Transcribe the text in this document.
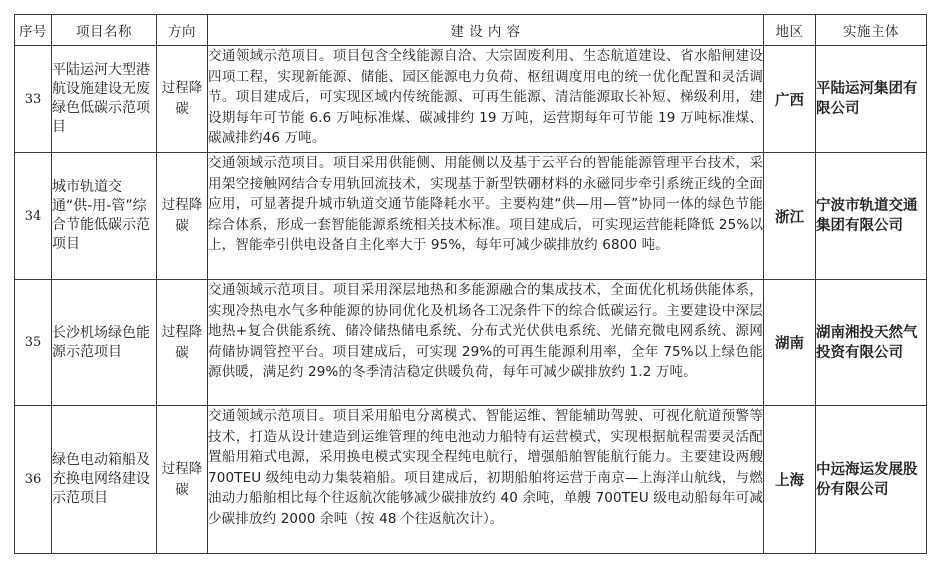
序号	项目名称	方向	建 设 内 容	地区	实施主体
33	平陆运河大型港航设施建设无废绿色低碳示范项目	过程降碳	交通领域示范项目。项目包含全线能源自洽、大宗固废利用、生态航道建设、省水船闸建设四项工程，实现新能源、储能、园区能源电力负荷、枢纽调度用电的统一优化配置和灵活调节。项目建成后，可实现区域内传统能源、可再生能源、清洁能源取长补短、梯级利用，建设期每年可节能 6.6 万吨标准煤、碳减排约 19 万吨，运营期每年可节能 19 万吨标准煤、碳减排约46 万吨。	广西	平陆运河集团有限公司
34	城市轨道交通“供-用-管”综合节能低碳示范项目	过程降碳	交通领域示范项目。项目采用供能侧、用能侧以及基于云平台的智能能源管理平台技术，采用架空接触网结合专用轨回流技术，实现基于新型铁硼材料的永磁同步牵引系统正线的全面应用，可显著提升城市轨道交通节能降耗水平。主要构建“供—用—管”协同一体的绿色节能综合体系，形成一套智能能源系统相关技术标准。项目建成后，可实现运营能耗降低 25%以上，智能牵引供电设备自主化率大于 95%，每年可减少碳排放约 6800 吨。	浙江	宁波市轨道交通集团有限公司
35	长沙机场绿色能源示范项目	过程降碳	交通领域示范项目。项目采用深层地热和多能源融合的集成技术，全面优化机场供能体系，实现冷热电水气多种能源的协同优化及机场各工况条件下的综合低碳运行。主要建设中深层地热+复合供能系统、储冷储热储电系统、分布式光伏供电系统、光储充微电网系统、源网荷储协调管控平台。项目建成后，可实现 29%的可再生能源利用率，全年 75%以上绿色能源供暖，满足约 29%的冬季清洁稳定供暖负荷，每年可减少碳排放约 1.2 万吨。	湖南	湖南湘投天然气投资有限公司
36	绿色电动箱船及充换电网络建设示范项目	过程降碳	交通领域示范项目。项目采用船电分离模式、智能运维、智能辅助驾驶、可视化航道预警等技术，打造从设计建造到运维管理的纯电池动力船特有运营模式，实现根据航程需要灵活配置船用箱式电源，采用换电模式实现全程纯电航行，增强船舶智能航行能力。主要建设两艘 700TEU 级纯电动力集装箱船。项目建成后，初期船舶将运营于南京—上海洋山航线，与燃油动力船舶相比每个往返航次能够减少碳排放约 40 余吨，单艘 700TEU 级电动船每年可减少碳排放约 2000 余吨（按 48 个往返航次计）。	上海	中远海运发展股份有限公司
